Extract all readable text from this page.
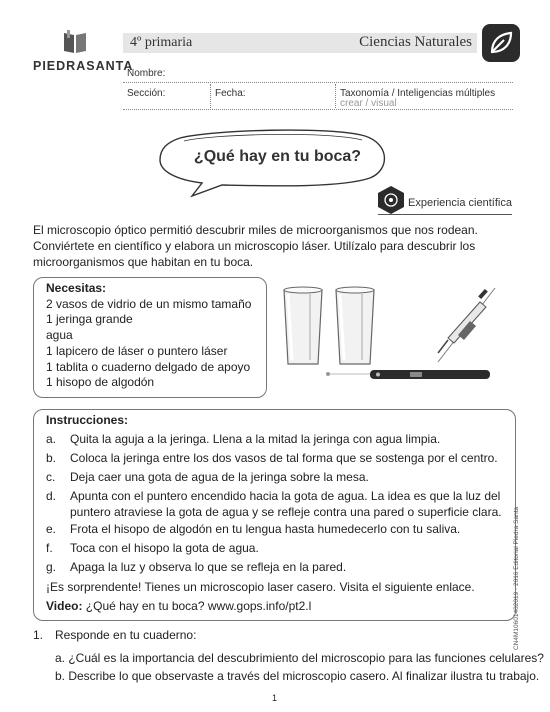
PIEDRASANTA
4º primaria	Ciencias Naturales
Nombre:
Sección:	Fecha:	Taxonomía / Inteligencias múltiples
crear / visual
¿Qué hay en tu boca?
Experiencia científica
El microscopio óptico permitió descubrir miles de microorganismos que nos rodean. Conviértete en científico y elabora un microscopio láser. Utilízalo para descubrir los microorganismos que habitan en tu boca.
Necesitas:
2 vasos de vidrio de un mismo tamaño
1 jeringa grande
agua
1 lapicero de láser o puntero láser
1 tablita o cuaderno delgado de apoyo
1 hisopo de algodón
Instrucciones:
a. Quita la aguja a la jeringa. Llena a la mitad la jeringa con agua limpia.
b. Coloca la jeringa entre los dos vasos de tal forma que se sostenga por el centro.
c. Deja caer una gota de agua de la jeringa sobre la mesa.
d. Apunta con el puntero encendido hacia la gota de agua. La idea es que la luz del puntero atraviese la gota de agua y se refleje contra una pared o superficie clara.
e. Frota el hisopo de algodón en tu lengua hasta humedecerlo con tu saliva.
f. Toca con el hisopo la gota de agua.
g. Apaga la luz y observa lo que se refleja en la pared.
¡Es sorprendente! Tienes un microscopio laser casero. Visita el siguiente enlace.
Video: ¿Qué hay en tu boca? www.gops.info/pt2.l
1. Responde en tu cuaderno:
a. ¿Cuál es la importancia del descubrimiento del microscopio para las funciones celulares?
b. Describe lo que observaste a través del microscopio casero. Al finalizar ilustra tu trabajo.
1
CN4M10601402019 · 2016 Editorial Piedra Santa
